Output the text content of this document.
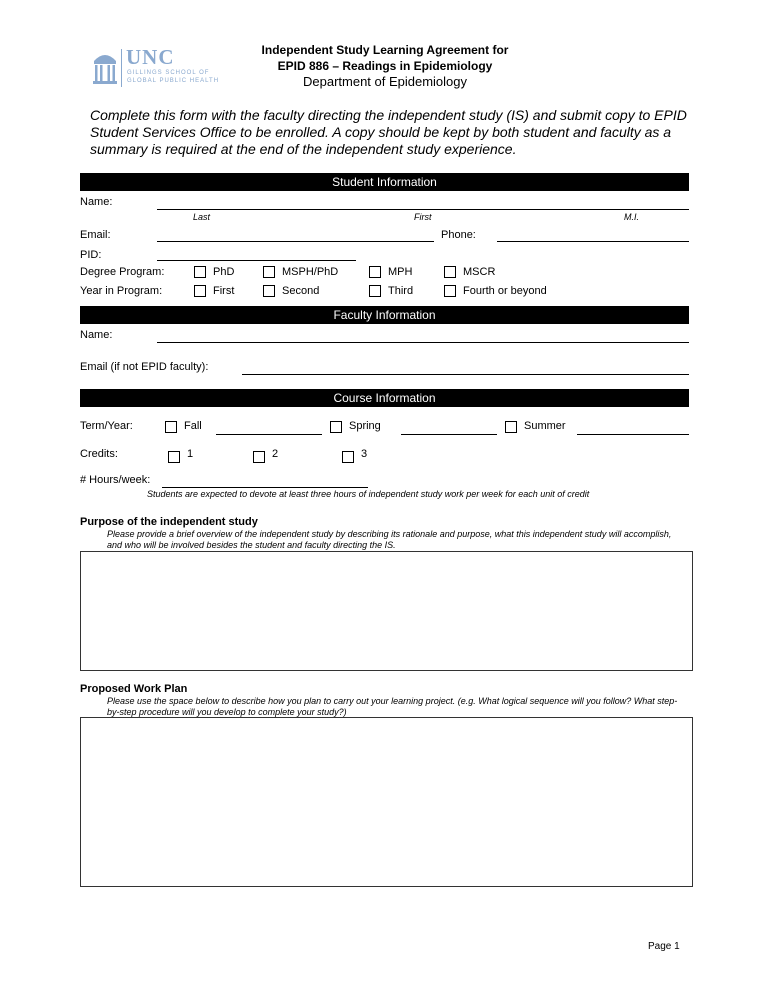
UNC
GILLINGS SCHOOL OF
GLOBAL PUBLIC HEALTH
Independent Study Learning Agreement for
EPID 886 – Readings in Epidemiology
Department of Epidemiology
Complete this form with the faculty directing the independent study (IS) and submit copy to EPID Student Services Office to be enrolled. A copy should be kept by both student and faculty as a summary is required at the end of the independent study experience.
Student Information
Name:
Last	First	M.I.
Email:	Phone:
PID:
Degree Program:	PhD	MSPH/PhD	MPH	MSCR
Year in Program:	First	Second	Third	Fourth or beyond
Faculty Information
Name:
Email (if not EPID faculty):
Course Information
Term/Year:	Fall	Spring	Summer
Credits:	1	2	3
# Hours/week:
Students are expected to devote at least three hours of independent study work per week for each unit of credit
Purpose of the independent study
Please provide a brief overview of the independent study by describing its rationale and purpose, what this independent study will accomplish, and who will be involved besides the student and faculty directing the IS.
Proposed Work Plan
Please use the space below to describe how you plan to carry out your learning project. (e.g. What logical sequence will you follow? What step-by-step procedure will you develop to complete your study?)
Page 1
